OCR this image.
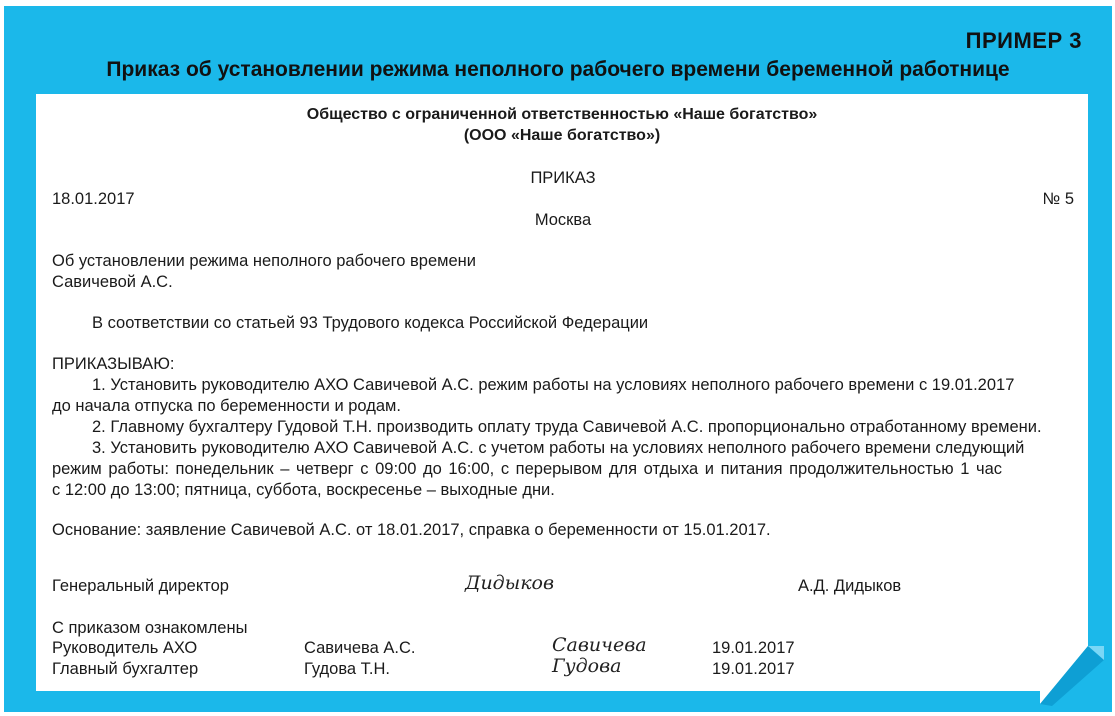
ПРИМЕР 3
Приказ об установлении режима неполного рабочего времени беременной работнице
Общество с ограниченной ответственностью «Наше богатство»
(ООО «Наше богатство»)
ПРИКАЗ
18.01.2017	№ 5
Москва
Об установлении режима неполного рабочего времени
Савичевой А.С.
В соответствии со статьей 93 Трудового кодекса Российской Федерации
ПРИКАЗЫВАЮ:
1. Установить руководителю АХО Савичевой А.С. режим работы на условиях неполного рабочего времени с 19.01.2017
до начала отпуска по беременности и родам.
2. Главному бухгалтеру Гудовой Т.Н. производить оплату труда Савичевой А.С. пропорционально отработанному времени.
3. Установить руководителю АХО Савичевой А.С. с учетом работы на условиях неполного рабочего времени следующий
режим работы: понедельник – четверг с 09:00 до 16:00, с перерывом для отдыха и питания продолжительностью 1 час
с 12:00 до 13:00; пятница, суббота, воскресенье – выходные дни.
Основание: заявление Савичевой А.С. от 18.01.2017, справка о беременности от 15.01.2017.
Генеральный директор	Дидыков	А.Д. Дидыков
С приказом ознакомлены
Руководитель АХО	Савичева А.С.	Савичева	19.01.2017
Главный бухгалтер	Гудова Т.Н.	Гудова	19.01.2017
